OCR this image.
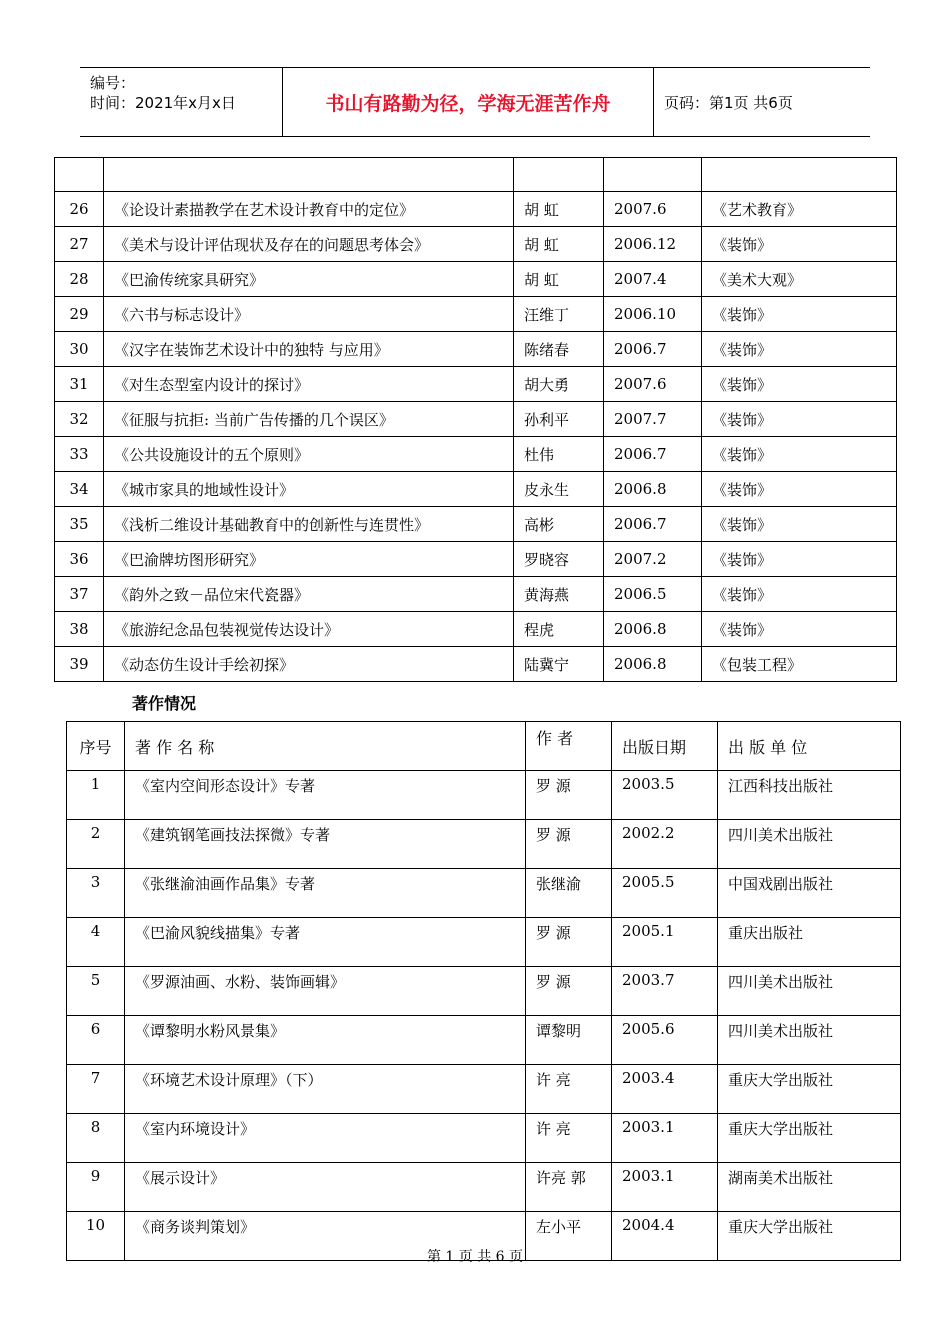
编号：
时间：2021年x月x日	书山有路勤为径，学海无涯苦作舟	页码：第1页 共6页

26	《论设计素描教学在艺术设计教育中的定位》	胡 虹	2007.6	《艺术教育》
27	《美术与设计评估现状及存在的问题思考体会》	胡 虹	2006.12	《装饰》
28	《巴渝传统家具研究》	胡 虹	2007.4	《美术大观》
29	《六书与标志设计》	汪维丁	2006.10	《装饰》
30	《汉字在装饰艺术设计中的独特 与应用》	陈绪春	2006.7	《装饰》
31	《对生态型室内设计的探讨》	胡大勇	2007.6	《装饰》
32	《征服与抗拒: 当前广告传播的几个误区》	孙利平	2007.7	《装饰》
33	《公共设施设计的五个原则》	杜伟	2006.7	《装饰》
34	《城市家具的地域性设计》	皮永生	2006.8	《装饰》
35	《浅析二维设计基础教育中的创新性与连贯性》	高彬	2006.7	《装饰》
36	《巴渝牌坊图形研究》	罗晓容	2007.2	《装饰》
37	《韵外之致－品位宋代瓷器》	黄海燕	2006.5	《装饰》
38	《旅游纪念品包装视觉传达设计》	程虎	2006.8	《装饰》
39	《动态仿生设计手绘初探》	陆冀宁	2006.8	《包装工程》
著作情况
序号	著 作 名 称	作 者	出版日期	出 版 单 位
1	《室内空间形态设计》专著	罗 源	2003.5	江西科技出版社
2	《建筑钢笔画技法探微》专著	罗 源	2002.2	四川美术出版社
3	《张继渝油画作品集》专著	张继渝	2005.5	中国戏剧出版社
4	《巴渝风貌线描集》专著	罗 源	2005.1	重庆出版社
5	《罗源油画、水粉、装饰画辑》	罗 源	2003.7	四川美术出版社
6	《谭黎明水粉风景集》	谭黎明	2005.6	四川美术出版社
7	《环境艺术设计原理》（下）	许 亮	2003.4	重庆大学出版社
8	《室内环境设计》	许 亮	2003.1	重庆大学出版社
9	《展示设计》	许亮 郭	2003.1	湖南美术出版社
10	《商务谈判策划》	左小平	2004.4	重庆大学出版社
第 1 页 共 6 页
